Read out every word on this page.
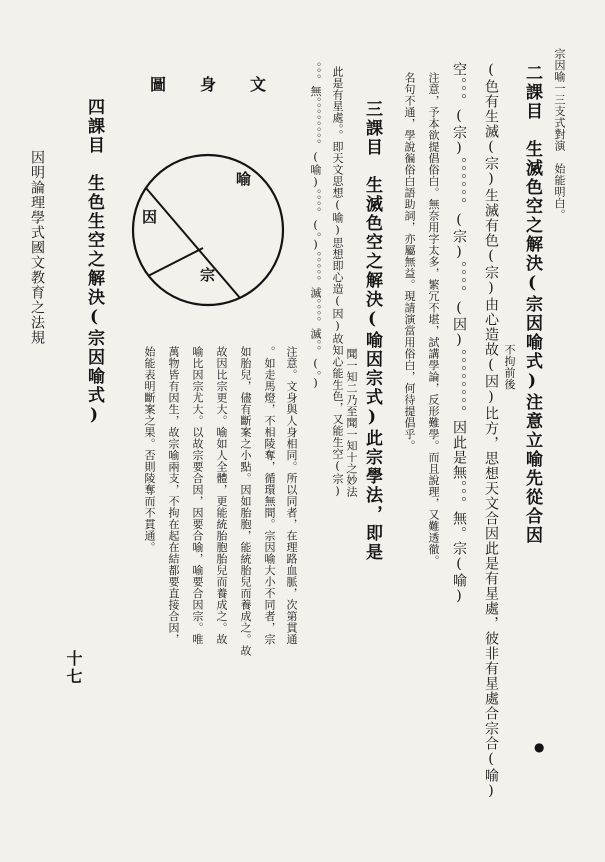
宗因喻一三支式對演　始能明白。
二課目　生滅色空之解決(宗因喻式)注意立喻先從合因
不拘前後
(色有生滅(宗)生滅有色(宗)由心造故(因)比方，思想天文合因此是有星處，彼非有星處合宗合(喻)
空。。。(宗)。。。。。。(宗)。。。。(因)。。。。。。。。因此是無。。。無。宗(喻)
注意，予本欲提倡俗白。無奈用字太多，繁冗不堪，試講學論，反形難學。而且說理，又難透徹。
名句不通，學說徧俗白語助詞，亦屬無益。現請演當用俗白，何待提倡乎。
三課目　生滅色空之解決(喻因宗式)此宗學法，即是
聞一知二乃至聞一知十之妙法
此是有星處。。即天文思想(喻)思想即心造(因)故知心能生色，又能生空(宗)
。。。無。。。。。。。。(喻)。。。。(。)。。。。。滅。。。。滅。。(。)
注意。文身與人身相同。所以同者，在理路血脈，次第貫通
。如走馬燈，不相陵奪，循環無間。宗因喻大小不同者，宗
如胎兒，儘有斷案之小點。因如胎胞，能統胎兒而養成之。故
故因比宗更大。喻如人全體，更能統胎胞胎兒而養成之。故
喻比因宗尤大。以故宗要合因，因要合喻，喻要合因宗。唯
萬物皆有因生，故宗喻兩支，不拘在起在結都要直接合因，
始能表明斷案之果。否則陵奪而不貫通。
文身圖
喻
因
宗
四課目　生色生空之解決(宗因喻式)
因明論理學式國文教育之法規
十七
●
